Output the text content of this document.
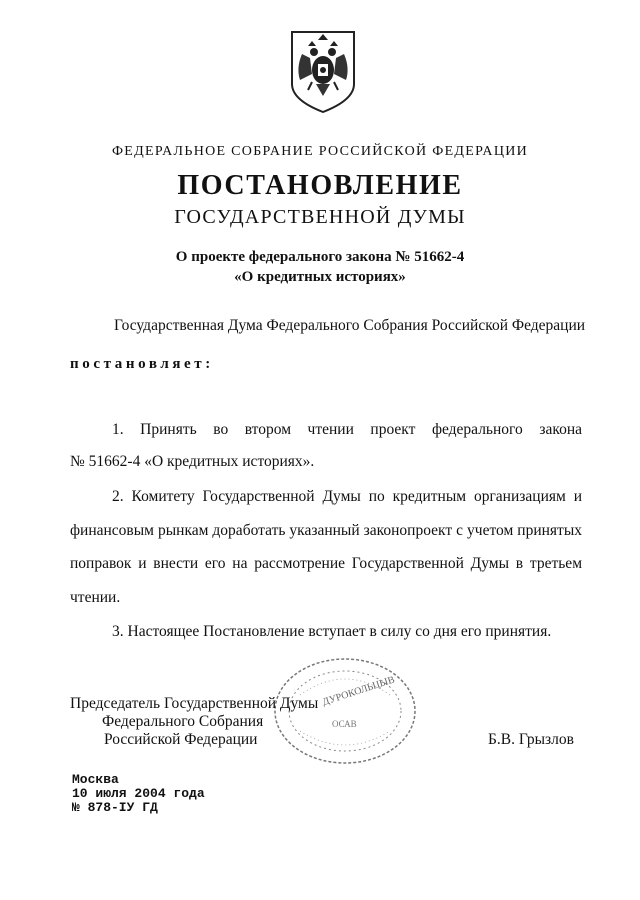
ФЕДЕРАЛЬНОЕ СОБРАНИЕ РОССИЙСКОЙ ФЕДЕРАЦИИ
ПОСТАНОВЛЕНИЕ
ГОСУДАРСТВЕННОЙ ДУМЫ
О проекте федерального закона № 51662-4
«О кредитных историях»
Государственная Дума Федерального Собрания Российской Федерации
постановляет:
1. Принять во втором чтении проект федерального закона
№ 51662-4 «О кредитных историях».
2. Комитету Государственной Думы по кредитным организациям и
финансовым рынкам доработать указанный законопроект с учетом принятых
поправок и внести его на рассмотрение Государственной Думы в третьем
чтении.
3. Настоящее Постановление вступает в силу со дня его принятия.
ДУРОКОЛЬЦЫВ
ОСАВ
Председатель Государственной Думы
Федерального Собрания
Российской Федерации	Б.В. Грызлов
Москва
10 июля 2004 года
№ 878-IУ ГД
